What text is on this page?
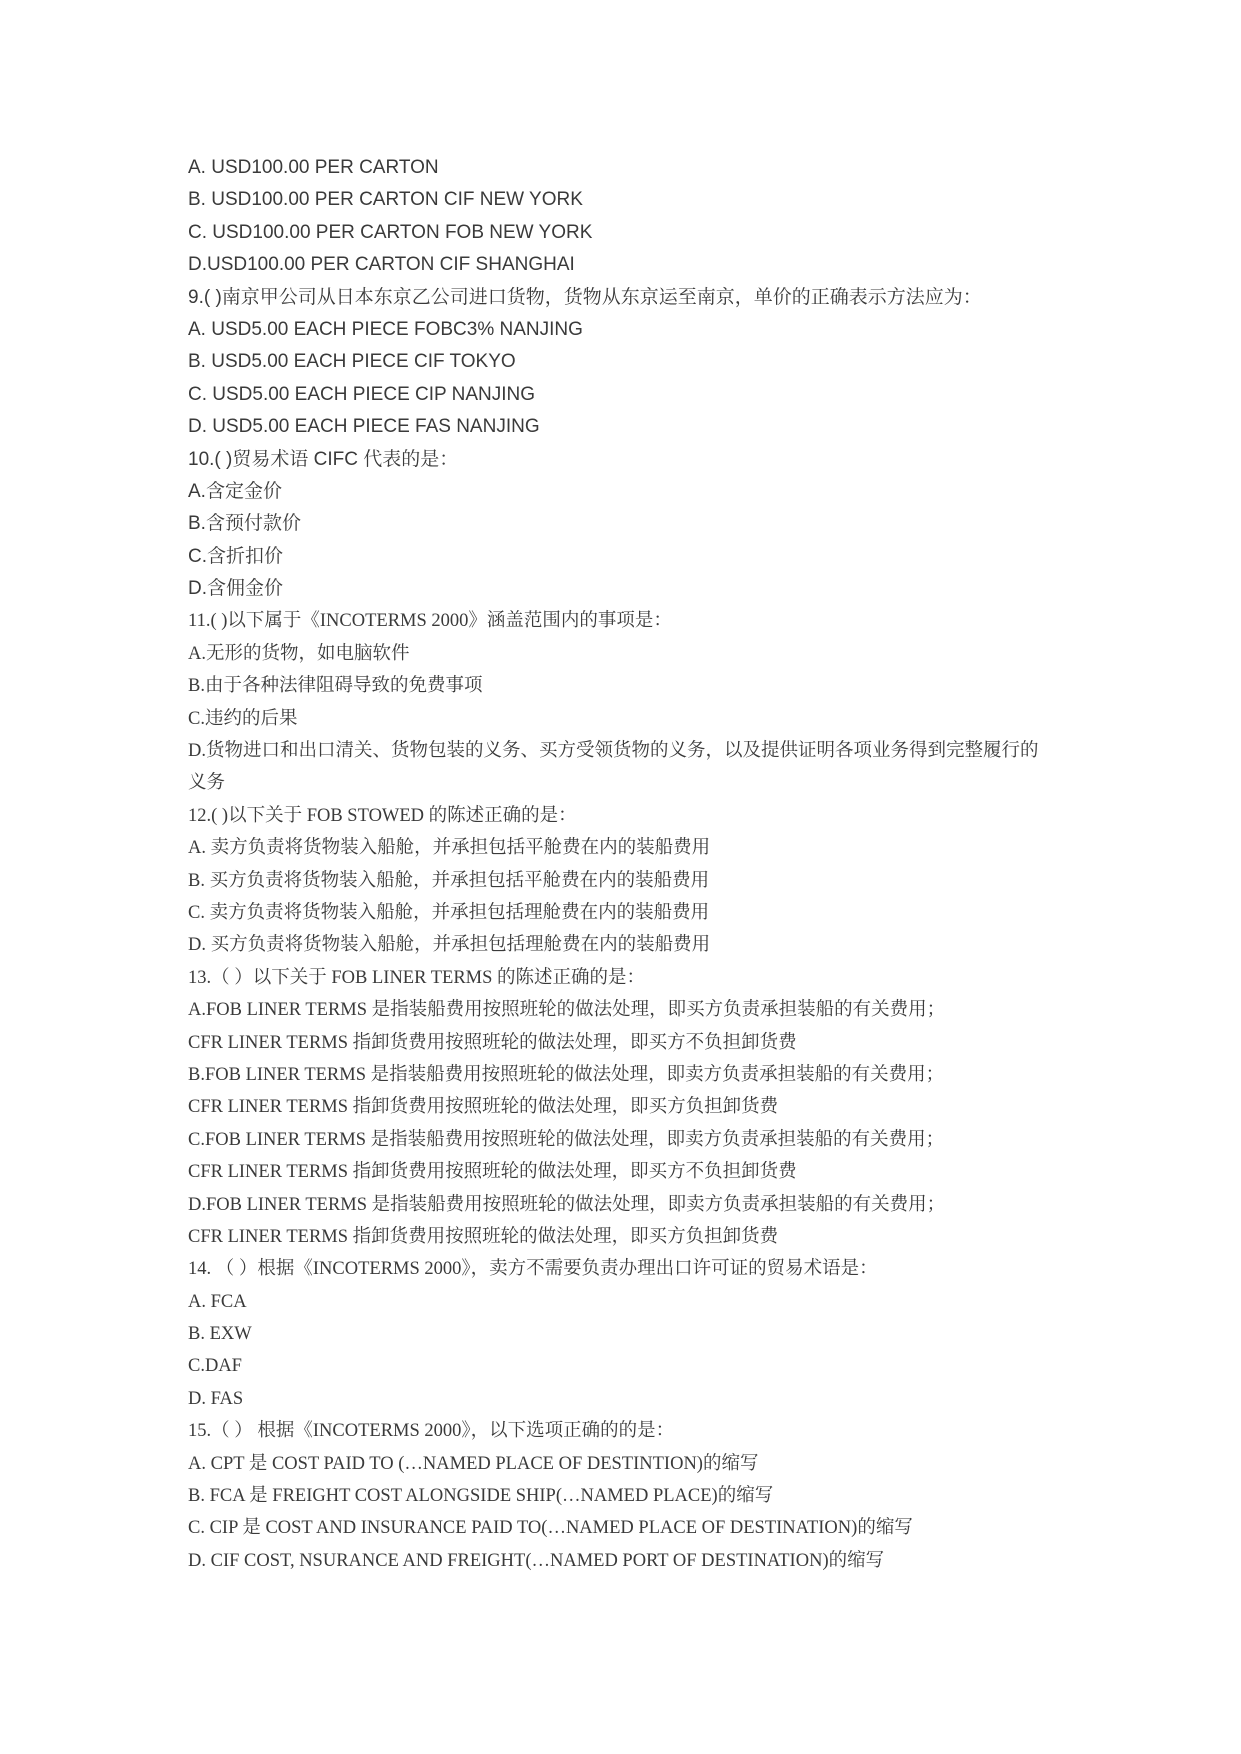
A. USD100.00 PER CARTON
B. USD100.00 PER CARTON CIF NEW YORK
C. USD100.00 PER CARTON FOB NEW YORK
D.USD100.00 PER CARTON CIF SHANGHAI
9.( )南京甲公司从日本东京乙公司进口货物，货物从东京运至南京，单价的正确表示方法应为：
A. USD5.00 EACH PIECE FOBC3% NANJING
B. USD5.00 EACH PIECE CIF TOKYO
C. USD5.00 EACH PIECE CIP NANJING
D. USD5.00 EACH PIECE FAS NANJING
10.( )贸易术语 CIFC 代表的是：
A.含定金价
B.含预付款价
C.含折扣价
D.含佣金价
11.( )以下属于《INCOTERMS 2000》涵盖范围内的事项是：
A.无形的货物，如电脑软件
B.由于各种法律阻碍导致的免费事项
C.违约的后果
D.货物进口和出口清关、货物包装的义务、买方受领货物的义务，以及提供证明各项业务得到完整履行的
义务
12.( )以下关于 FOB STOWED 的陈述正确的是：
A. 卖方负责将货物装入船舱，并承担包括平舱费在内的装船费用
B. 买方负责将货物装入船舱，并承担包括平舱费在内的装船费用
C. 卖方负责将货物装入船舱，并承担包括理舱费在内的装船费用
D. 买方负责将货物装入船舱，并承担包括理舱费在内的装船费用
13.（ ）以下关于 FOB LINER TERMS 的陈述正确的是：
A.FOB LINER TERMS 是指装船费用按照班轮的做法处理，即买方负责承担装船的有关费用；
CFR LINER TERMS 指卸货费用按照班轮的做法处理，即买方不负担卸货费
B.FOB LINER TERMS 是指装船费用按照班轮的做法处理，即卖方负责承担装船的有关费用；
CFR LINER TERMS 指卸货费用按照班轮的做法处理，即买方负担卸货费
C.FOB LINER TERMS 是指装船费用按照班轮的做法处理，即卖方负责承担装船的有关费用；
CFR LINER TERMS 指卸货费用按照班轮的做法处理，即买方不负担卸货费
D.FOB LINER TERMS 是指装船费用按照班轮的做法处理，即卖方负责承担装船的有关费用；
CFR LINER TERMS 指卸货费用按照班轮的做法处理，即买方负担卸货费
14. （ ）根据《INCOTERMS 2000》，卖方不需要负责办理出口许可证的贸易术语是：
A. FCA
B. EXW
C.DAF
D. FAS
15.（ ） 根据《INCOTERMS 2000》，以下选项正确的的是：
A. CPT 是 COST PAID TO (…NAMED PLACE OF DESTINTION)的缩写
B. FCA 是 FREIGHT COST ALONGSIDE SHIP(…NAMED PLACE)的缩写
C. CIP 是 COST AND INSURANCE PAID TO(…NAMED PLACE OF DESTINATION)的缩写
D. CIF COST, NSURANCE AND FREIGHT(…NAMED PORT OF DESTINATION)的缩写
